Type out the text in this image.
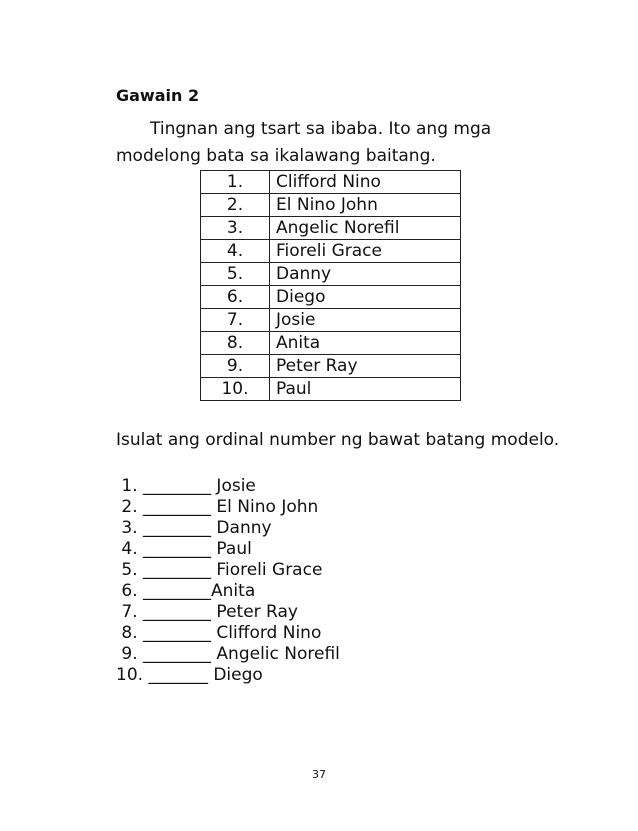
Gawain 2
Tingnan ang tsart sa ibaba. Ito ang mga
modelong bata sa ikalawang baitang.
1.	Clifford Nino
2.	El Nino John
3.	Angelic Norefil
4.	Fioreli Grace
5.	Danny
6.	Diego
7.	Josie
8.	Anita
9.	Peter Ray
10.	Paul
Isulat ang ordinal number ng bawat batang modelo.
1. ________ Josie
2. ________ El Nino John
3. ________ Danny
4. ________ Paul
5. ________ Fioreli Grace
6. ________Anita
7. ________ Peter Ray
8. ________ Clifford Nino
9. ________ Angelic Norefil
10. _______ Diego
37
